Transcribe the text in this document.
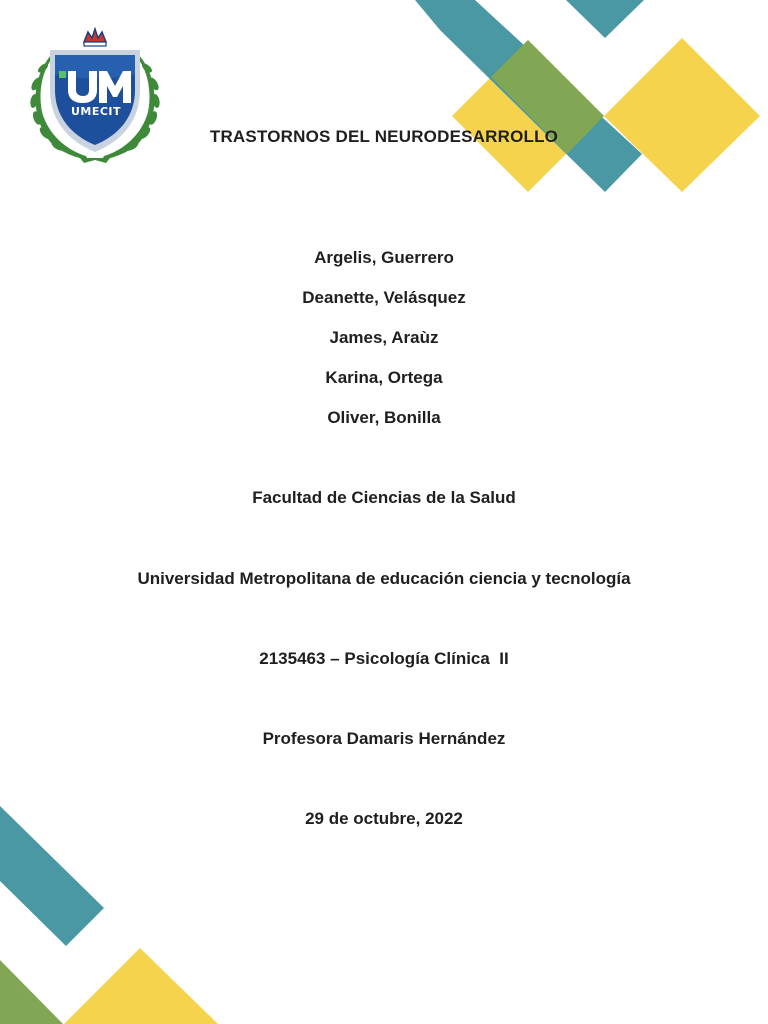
UMECIT
TRASTORNOS DEL NEURODESARROLLO

Argelis, Guerrero

Deanette, Velásquez

James, Araùz

Karina, Ortega

Oliver, Bonilla

Facultad de Ciencias de la Salud

Universidad Metropolitana de educación ciencia y tecnología

2135463 – Psicología Clínica  II

Profesora Damaris Hernández

29 de octubre, 2022
